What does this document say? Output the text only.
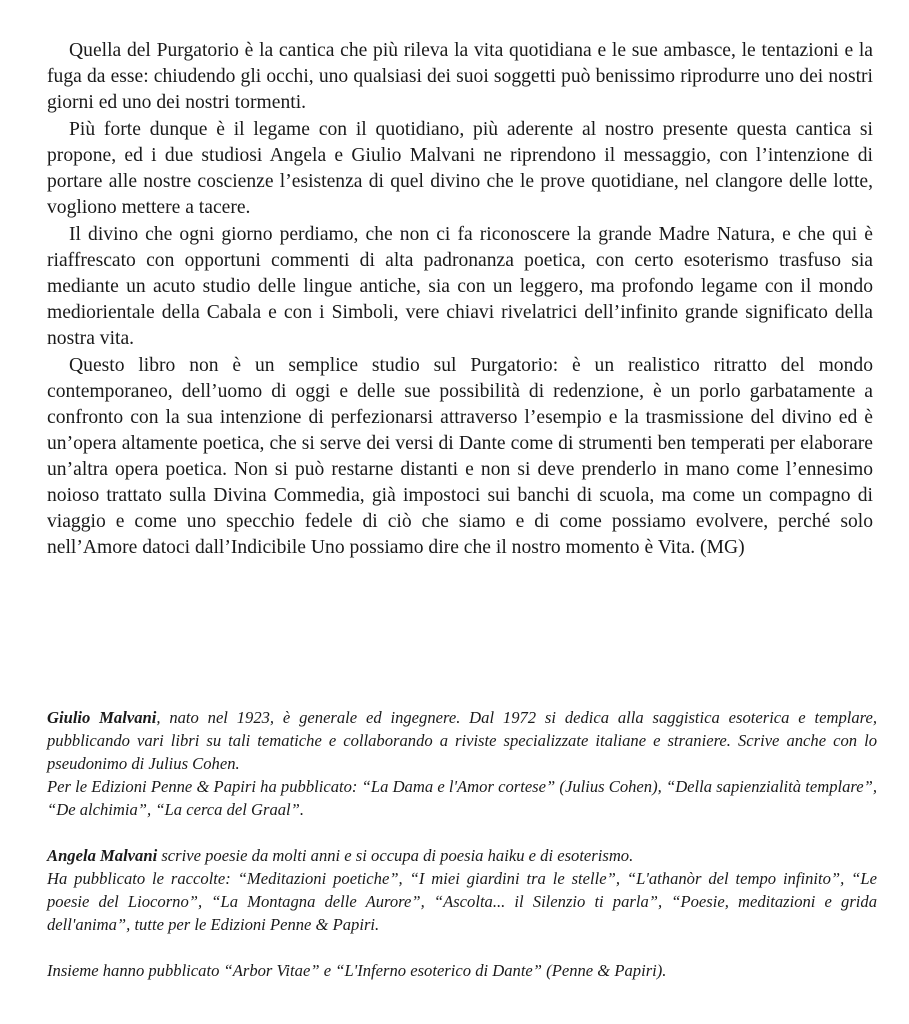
Quella del Purgatorio è la cantica che più rileva la vita quotidiana e le sue ambasce, le tentazioni e la fuga da esse: chiudendo gli occhi, uno qualsiasi dei suoi soggetti può benissimo riprodurre uno dei nostri giorni ed uno dei nostri tormenti.

Più forte dunque è il legame con il quotidiano, più aderente al nostro presente questa cantica si propone, ed i due studiosi Angela e Giulio Malvani ne riprendono il messaggio, con l’intenzione di portare alle nostre coscienze l’esistenza di quel divino che le prove quotidiane, nel clangore delle lotte, vogliono mettere a tacere.

Il divino che ogni giorno perdiamo, che non ci fa riconoscere la grande Madre Natura, e che qui è riaffrescato con opportuni commenti di alta padronanza poetica, con certo esoterismo trasfuso sia mediante un acuto studio delle lingue antiche, sia con un leggero, ma profondo legame con il mondo mediorientale della Cabala e con i Simboli, vere chiavi rivelatrici dell’infinito grande significato della nostra vita.

Questo libro non è un semplice studio sul Purgatorio: è un realistico ritratto del mondo contemporaneo, dell’uomo di oggi e delle sue possibilità di redenzione, è un porlo garbatamente a confronto con la sua intenzione di perfezionarsi attraverso l’esempio e la trasmissione del divino ed è un’opera altamente poetica, che si serve dei versi di Dante come di strumenti ben temperati per elaborare un’altra opera poetica. Non si può restarne distanti e non si deve prenderlo in mano come l’ennesimo noioso trattato sulla Divina Commedia, già impostoci sui banchi di scuola, ma come un compagno di viaggio e come uno specchio fedele di ciò che siamo e di come possiamo evolvere, perché solo nell’Amore datoci dall’Indicibile Uno possiamo dire che il nostro momento è Vita. (MG)

Giulio Malvani, nato nel 1923, è generale ed ingegnere. Dal 1972 si dedica alla saggistica esoterica e templare, pubblicando vari libri su tali tematiche e collaborando a riviste specializzate italiane e straniere. Scrive anche con lo pseudonimo di Julius Cohen.

Per le Edizioni Penne & Papiri ha pubblicato: “La Dama e l'Amor cortese” (Julius Cohen), “Della sapienzialità templare”, “De alchimia”, “La cerca del Graal”.

Angela Malvani scrive poesie da molti anni e si occupa di poesia haiku e di esoterismo.

Ha pubblicato le raccolte: “Meditazioni poetiche”, “I miei giardini tra le stelle”, “L'athanòr del tempo infinito”, “Le poesie del Liocorno”, “La Montagna delle Aurore”, “Ascolta... il Silenzio ti parla”, “Poesie, meditazioni e grida dell'anima”, tutte per le Edizioni Penne & Papiri.

Insieme hanno pubblicato “Arbor Vitae” e “L'Inferno esoterico di Dante” (Penne & Papiri).
